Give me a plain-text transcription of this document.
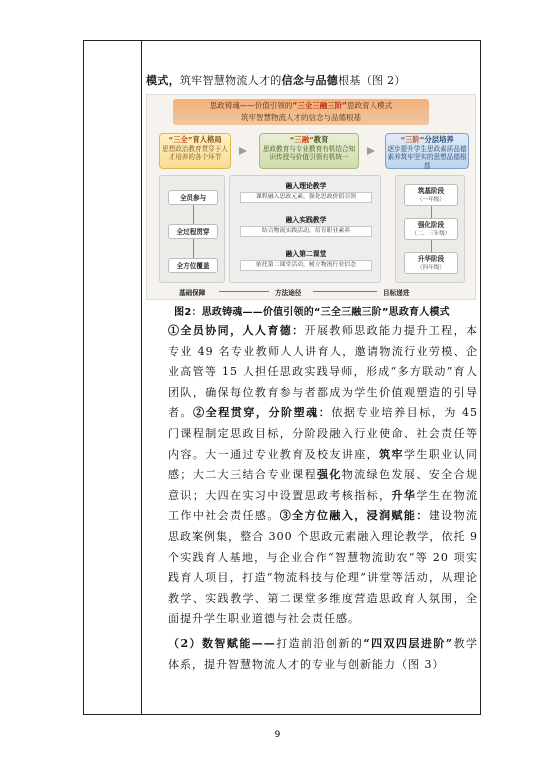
模式，筑牢智慧物流人才的信念与品德根基（图 2）

思政铸魂——价值引领的“三全三融三阶”思政育人模式
筑牢智慧物流人才的信念与品德根基
“三全”育人格局
思想政治教育贯穿于人才培养的各个环节
“三融”教育
思政教育与专业教育有机结合知识传授与价值引领有机统一
“三阶”分层培养
逐步提升学生思政素质品德素养筑牢坚实的思想品德根基
全员参与
全过程贯穿
全方位覆盖
融入理论教学
课程融入思政元素，强化思政价值引领
融入实践教学
结合物流实践活动，培育职业素养
融入第二课堂
依托第二课堂活动，树立物流行业信念
筑基阶段
（一年级）
强化阶段
（二、三年级）
升华阶段
（四年级）
基础保障	方法途径	目标递进

图2：思政铸魂——价值引领的“三全三融三阶”思政育人模式

①全员协同，人人育德：开展教师思政能力提升工程，本专业 49 名专业教师人人讲育人，邀请物流行业劳模、企业高管等 15 人担任思政实践导师，形成“多方联动”育人团队，确保每位教育参与者都成为学生价值观塑造的引导者。②全程贯穿，分阶塑魂：依据专业培养目标，为 45 门课程制定思政目标，分阶段融入行业使命、社会责任等内容。大一通过专业教育及校友讲座，筑牢学生职业认同感；大二大三结合专业课程强化物流绿色发展、安全合规意识；大四在实习中设置思政考核指标，升华学生在物流工作中社会责任感。③全方位融入，浸润赋能：建设物流思政案例集，整合 300 个思政元素融入理论教学，依托 9 个实践育人基地，与企业合作“智慧物流助农”等 20 项实践育人项目，打造“物流科技与伦理”讲堂等活动，从理论教学、实践教学、第二课堂多维度营造思政育人氛围，全面提升学生职业道德与社会责任感。

（2）数智赋能——打造前沿创新的“四双四层进阶”教学体系，提升智慧物流人才的专业与创新能力（图 3）

9
